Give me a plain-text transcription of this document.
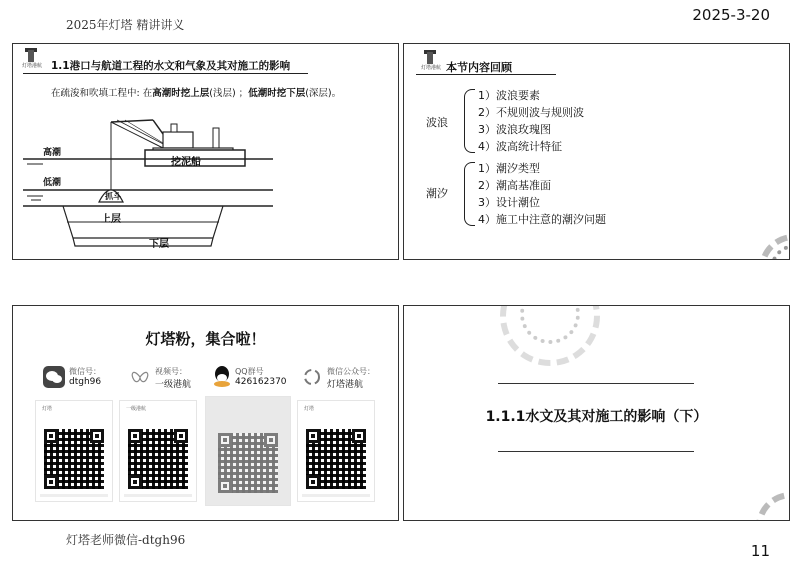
2025年灯塔 精讲讲义
2025-3-20
灯塔港航 1.1港口与航道工程的水文和气象及其对施工的影响
在疏浚和吹填工程中: 在高潮时挖上层(浅层) ；低潮时挖下层(深层)。
高潮
低潮
挖泥船
抓斗
上层
下层
灯塔港航 本节内容回顾
波浪
1）波浪要素
2）不规则波与规则波
3）波浪玫瑰图
4）波高统计特征
潮汐
1）潮汐类型
2）潮高基准面
3）设计潮位
4）施工中注意的潮汐问题
灯塔粉，集合啦！
微信号：
dtgh96
视频号：
一级港航
QQ群号
426162370
微信公众号：
灯塔港航
灯塔	一级港航	灯塔	1.1.1水文及其对施工的影响（下）
灯塔老师微信-dtgh96
11
